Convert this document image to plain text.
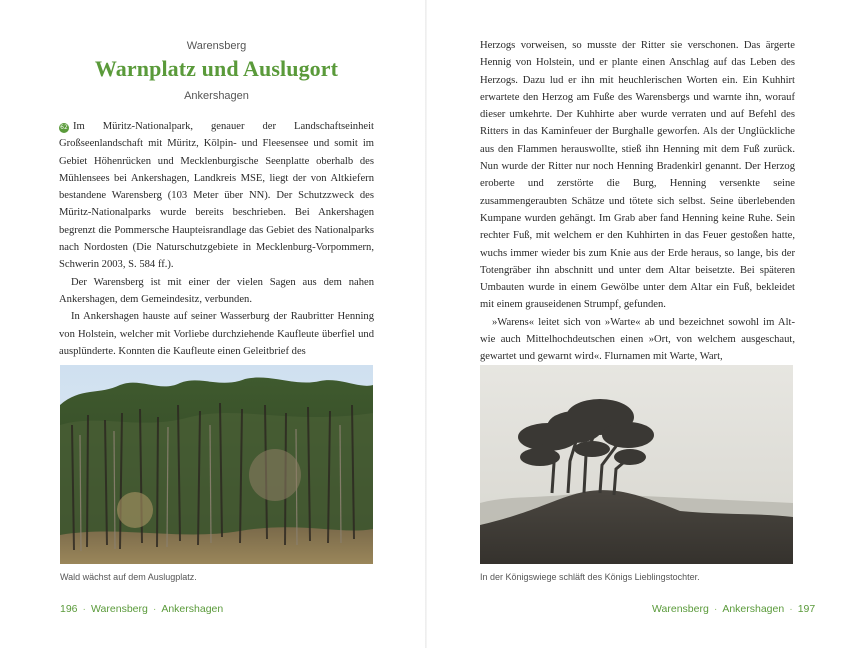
Warensberg
Warnplatz und Auslugort
Ankershagen

62 Im Müritz-Nationalpark, genauer der Landschaftseinheit Großseenlandschaft mit Müritz, Kölpin- und Fleesensee und somit im Gebiet Höhenrücken und Mecklenburgische Seenplatte oberhalb des Mühlensees bei Ankershagen, Landkreis MSE, liegt der von Altkiefern bestandene Warensberg (103 Meter über NN). Der Schutzzweck des Müritz-Nationalparks wurde bereits beschrieben. Bei Ankershagen begrenzt die Pommersche Haupteisrandlage das Gebiet des Nationalparks nach Nordosten (Die Naturschutzgebiete in Mecklenburg-Vorpommern, Schwerin 2003, S. 584 ff.).

Der Warensberg ist mit einer der vielen Sagen aus dem nahen Ankershagen, dem Gemeindesitz, verbunden.

In Ankershagen hauste auf seiner Wasserburg der Raubritter Henning von Holstein, welcher mit Vorliebe durchziehende Kaufleute überfiel und ausplünderte. Konnten die Kaufleute einen Geleitbrief des

Wald wächst auf dem Auslugplatz.
196 · Warensberg · Ankershagen

Herzogs vorweisen, so musste der Ritter sie verschonen. Das ärgerte Hennig von Holstein, und er plante einen Anschlag auf das Leben des Herzogs. Dazu lud er ihn mit heuchlerischen Worten ein. Ein Kuhhirt erwartete den Herzog am Fuße des Warensbergs und warnte ihn, worauf dieser umkehrte. Der Kuhhirte aber wurde verraten und auf Befehl des Ritters in das Kaminfeuer der Burghalle geworfen. Als der Unglückliche aus den Flammen herauswollte, stieß ihn Henning mit dem Fuß zurück. Nun wurde der Ritter nur noch Henning Bradenkirl genannt. Der Herzog eroberte und zerstörte die Burg, Henning versenkte seine zusammengeraubten Schätze und tötete sich selbst. Seine überlebenden Kumpane wurden gehängt. Im Grab aber fand Henning keine Ruhe. Sein rechter Fuß, mit welchem er den Kuhhirten in das Feuer gestoßen hatte, wuchs immer wieder bis zum Knie aus der Erde heraus, so lange, bis der Totengräber ihn abschnitt und unter dem Altar beisetzte. Bei späteren Umbauten wurde in einem Gewölbe unter dem Altar ein Fuß, bekleidet mit einem grauseidenen Strumpf, gefunden.

»Warens« leitet sich von »Warte« ab und bezeichnet sowohl im Alt- wie auch Mittelhochdeutschen einen »Ort, von welchem ausgeschaut, gewartet und gewarnt wird«. Flurnamen mit Warte, Wart,

In der Königswiege schläft des Königs Lieblingstochter.
Warensberg · Ankershagen · 197
